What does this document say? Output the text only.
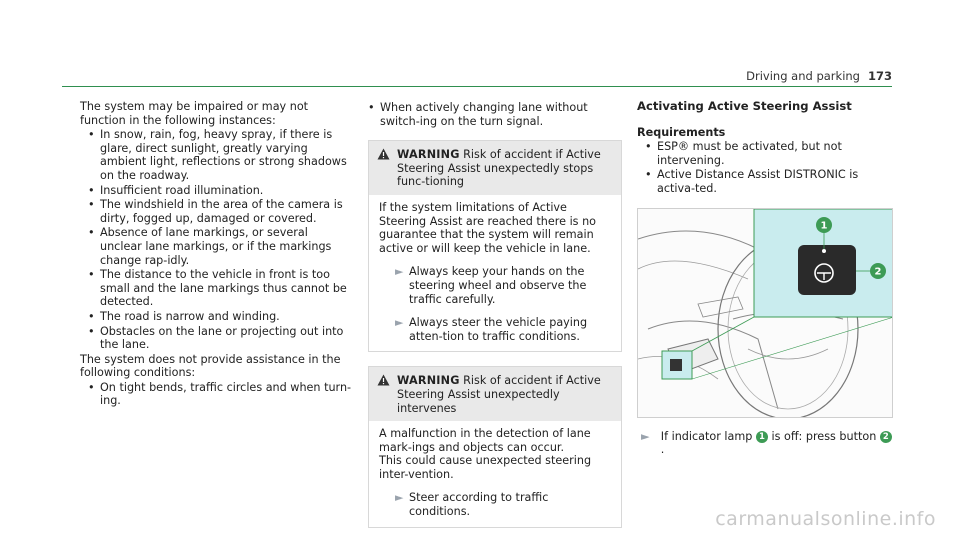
Driving and parking 173

The system may be impaired or may not function in the following instances:

• In snow, rain, fog, heavy spray, if there is glare, direct sunlight, greatly varying ambient light, reflections or strong shadows on the roadway.
• Insufficient road illumination.
• The windshield in the area of the camera is dirty, fogged up, damaged or covered.
• Absence of lane markings, or several unclear lane markings, or if the markings change rap-idly.
• The distance to the vehicle in front is too small and the lane markings thus cannot be detected.
• The road is narrow and winding.
• Obstacles on the lane or projecting out into the lane.

The system does not provide assistance in the following conditions:

• On tight bends, traffic circles and when turn-ing.
• When actively changing lane without switch-ing on the turn signal.
WARNING Risk of accident if Active Steering Assist unexpectedly stops func-tioning

If the system limitations of Active Steering Assist are reached there is no guarantee that the system will remain active or will keep the vehicle in lane.

► Always keep your hands on the steering wheel and observe the traffic carefully.
► Always steer the vehicle paying atten-tion to traffic conditions.
WARNING Risk of accident if Active Steering Assist unexpectedly intervenes

A malfunction in the detection of lane mark-ings and objects can occur.

This could cause unexpected steering inter-vention.

► Steer according to traffic conditions.

Activating Active Steering Assist

Requirements

• ESP® must be activated, but not intervening.
• Active Distance Assist DISTRONIC is activa-ted.
1
2
► If indicator lamp 1 is off: press button 2.
carmanualsonline.info
